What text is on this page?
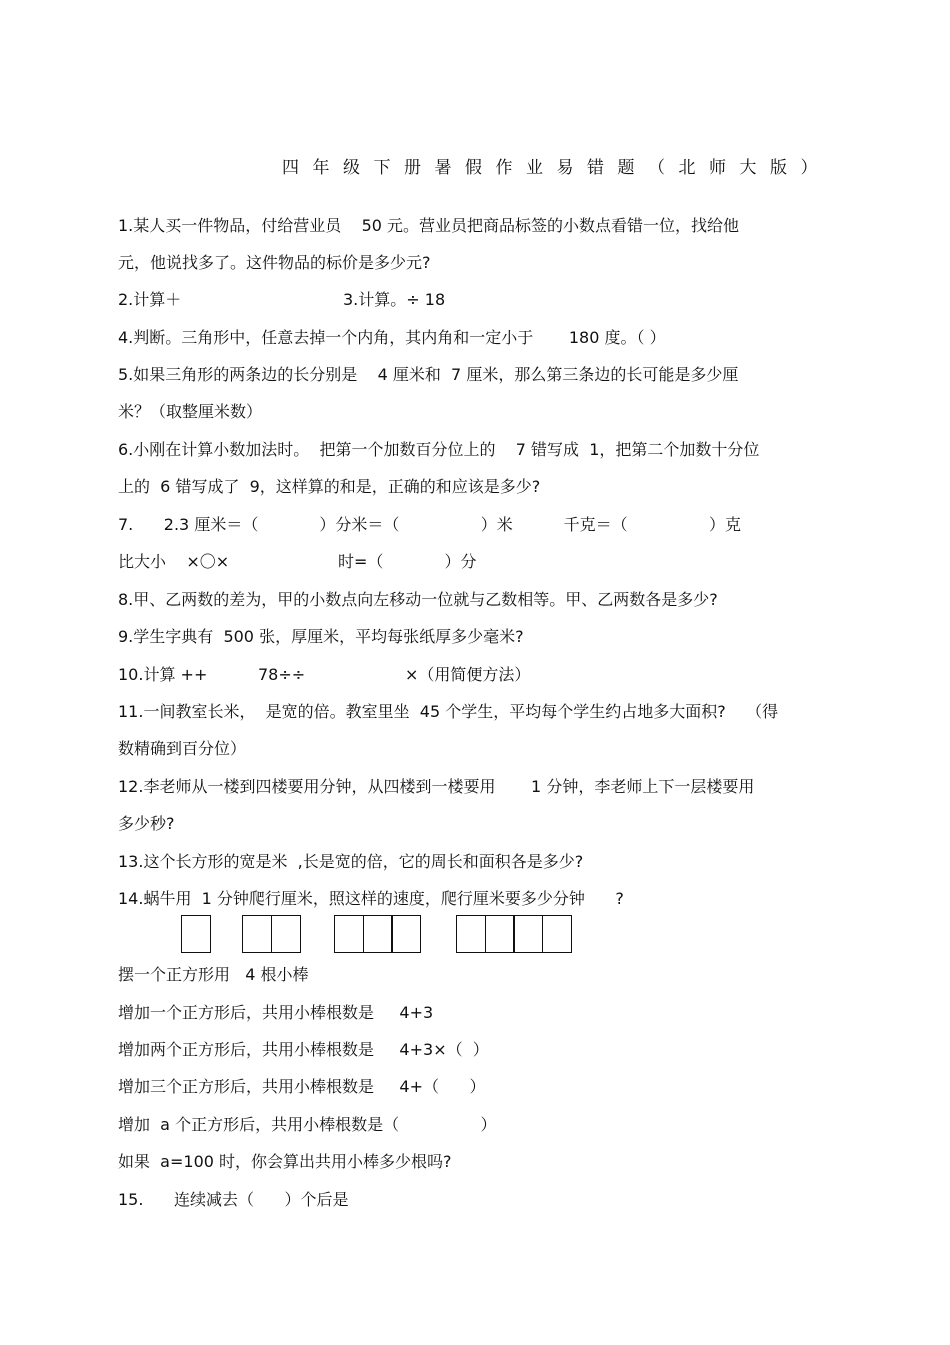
四年级下册暑假作业易错题（北师大版）
1.某人买一件物品，付给营业员    50 元。营业员把商品标签的小数点看错一位，找给他
元，他说找多了。这件物品的标价是多少元?
2.计算＋	3.计算。÷ 18
4.判断。三角形中，任意去掉一个内角，其内角和一定小于       180 度。（ ）
5.如果三角形的两条边的长分别是    4 厘米和  7 厘米，那么第三条边的长可能是多少厘
米？（取整厘米数）
6.小刚在计算小数加法时。  把第一个加数百分位上的    7 错写成  1，把第二个加数十分位
上的  6 错写成了  9，这样算的和是，正确的和应该是多少?
7.      2.3 厘米＝（            ）分米＝（                ）米          千克＝（                ）克
比大小    ×〇×	时=（            ）分
8.甲、乙两数的差为，甲的小数点向左移动一位就与乙数相等。甲、乙两数各是多少?
9.学生字典有  500 张，厚厘米，平均每张纸厚多少毫米?
10.计算 ++	78÷÷	×（用简便方法）
11.一间教室长米，  是宽的倍。教室里坐  45 个学生，平均每个学生约占地多大面积?    （得
数精确到百分位）
12.李老师从一楼到四楼要用分钟，从四楼到一楼要用       1 分钟，李老师上下一层楼要用
多少秒?
13.这个长方形的宽是米  ,长是宽的倍，它的周长和面积各是多少?
14.蜗牛用  1 分钟爬行厘米，照这样的速度，爬行厘米要多少分钟      ?
摆一个正方形用   4 根小棒
增加一个正方形后，共用小棒根数是     4+3
增加两个正方形后，共用小棒根数是     4+3×（  ）
增加三个正方形后，共用小棒根数是     4+（      ）
增加  a 个正方形后，共用小棒根数是（                ）
如果  a=100 时，你会算出共用小棒多少根吗?
15.      连续减去（      ）个后是
